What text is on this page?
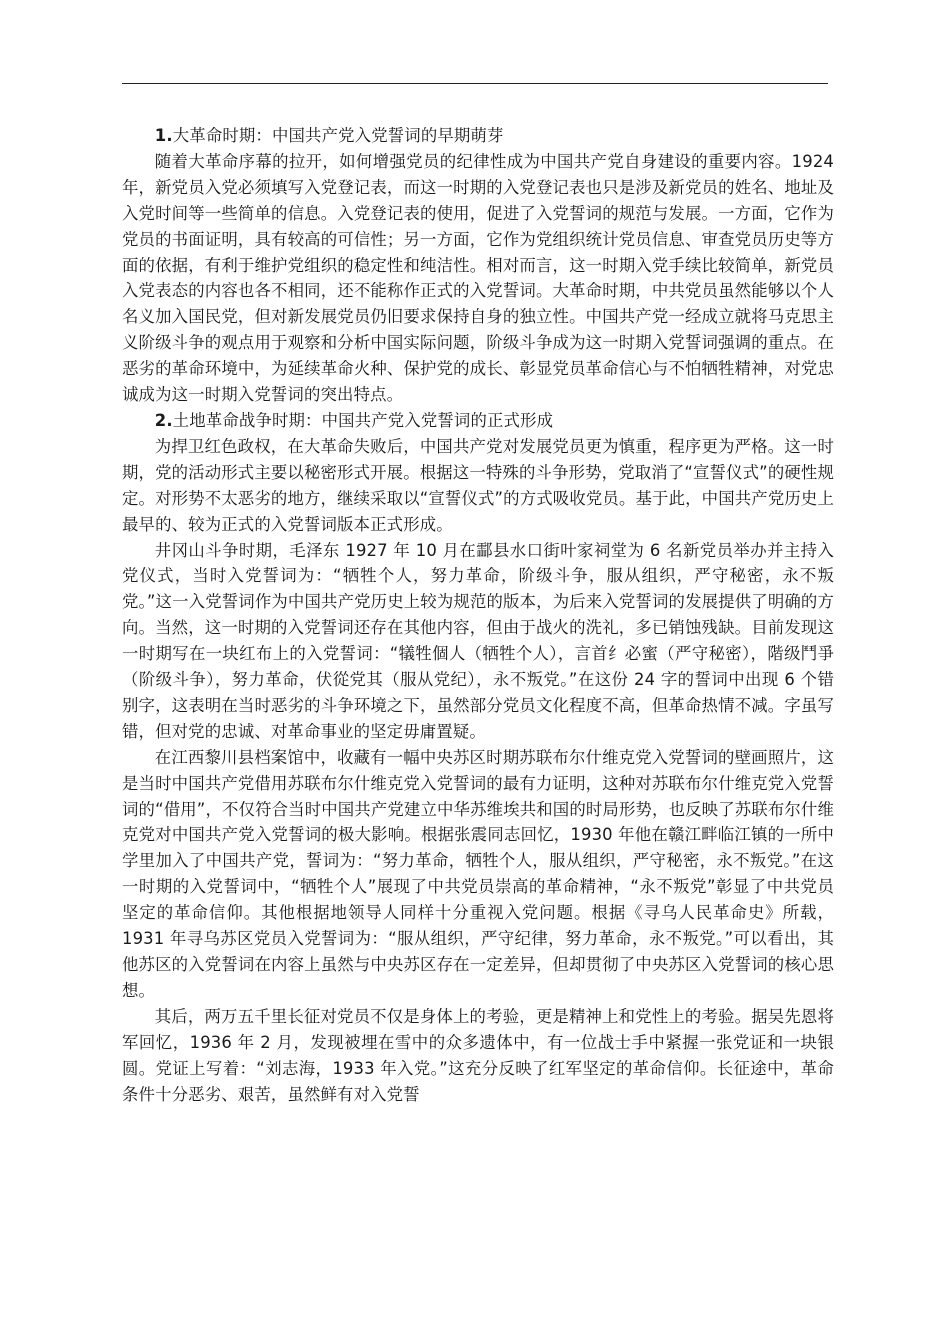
1.大革命时期：中国共产党入党誓词的早期萌芽

随着大革命序幕的拉开，如何增强党员的纪律性成为中国共产党自身建设的重要内容。1924 年，新党员入党必须填写入党登记表，而这一时期的入党登记表也只是涉及新党员的姓名、地址及入党时间等一些简单的信息。入党登记表的使用，促进了入党誓词的规范与发展。一方面，它作为党员的书面证明，具有较高的可信性；另一方面，它作为党组织统计党员信息、审查党员历史等方面的依据，有利于维护党组织的稳定性和纯洁性。相对而言，这一时期入党手续比较简单，新党员入党表态的内容也各不相同，还不能称作正式的入党誓词。大革命时期，中共党员虽然能够以个人名义加入国民党，但对新发展党员仍旧要求保持自身的独立性。中国共产党一经成立就将马克思主义阶级斗争的观点用于观察和分析中国实际问题，阶级斗争成为这一时期入党誓词强调的重点。在恶劣的革命环境中，为延续革命火种、保护党的成长、彰显党员革命信心与不怕牺牲精神，对党忠诚成为这一时期入党誓词的突出特点。

2.土地革命战争时期：中国共产党入党誓词的正式形成

为捍卫红色政权，在大革命失败后，中国共产党对发展党员更为慎重，程序更为严格。这一时期，党的活动形式主要以秘密形式开展。根据这一特殊的斗争形势，党取消了“宣誓仪式”的硬性规定。对形势不太恶劣的地方，继续采取以“宣誓仪式”的方式吸收党员。基于此，中国共产党历史上最早的、较为正式的入党誓词版本正式形成。

井冈山斗争时期，毛泽东 1927 年 10 月在酃县水口街叶家祠堂为 6 名新党员举办并主持入党仪式，当时入党誓词为：“牺牲个人，努力革命，阶级斗争，服从组织，严守秘密，永不叛党。”这一入党誓词作为中国共产党历史上较为规范的版本，为后来入党誓词的发展提供了明确的方向。当然，这一时期的入党誓词还存在其他内容，但由于战火的洗礼，多已销蚀残缺。目前发现这一时期写在一块红布上的入党誓词：“犠牲個人（牺牲个人），言首纟必蜜（严守秘密），階级鬥爭（阶级斗争），努力革命，伏從党其（服从党纪），永不叛党。”在这份 24 字的誓词中出现 6 个错别字，这表明在当时恶劣的斗争环境之下，虽然部分党员文化程度不高，但革命热情不减。字虽写错，但对党的忠诚、对革命事业的坚定毋庸置疑。

在江西黎川县档案馆中，收藏有一幅中央苏区时期苏联布尔什维克党入党誓词的壁画照片，这是当时中国共产党借用苏联布尔什维克党入党誓词的最有力证明，这种对苏联布尔什维克党入党誓词的“借用”，不仅符合当时中国共产党建立中华苏维埃共和国的时局形势，也反映了苏联布尔什维克党对中国共产党入党誓词的极大影响。根据张震同志回忆，1930 年他在赣江畔临江镇的一所中学里加入了中国共产党，誓词为：“努力革命，牺牲个人，服从组织，严守秘密，永不叛党。”在这一时期的入党誓词中，“牺牲个人”展现了中共党员崇高的革命精神，“永不叛党”彰显了中共党员坚定的革命信仰。其他根据地领导人同样十分重视入党问题。根据《寻乌人民革命史》所载，1931 年寻乌苏区党员入党誓词为：“服从组织，严守纪律，努力革命，永不叛党。”可以看出，其他苏区的入党誓词在内容上虽然与中央苏区存在一定差异，但却贯彻了中央苏区入党誓词的核心思想。

其后，两万五千里长征对党员不仅是身体上的考验，更是精神上和党性上的考验。据吴先恩将军回忆，1936 年 2 月，发现被埋在雪中的众多遗体中，有一位战士手中紧握一张党证和一块银圆。党证上写着：“刘志海，1933 年入党。”这充分反映了红军坚定的革命信仰。长征途中，革命条件十分恶劣、艰苦，虽然鲜有对入党誓
